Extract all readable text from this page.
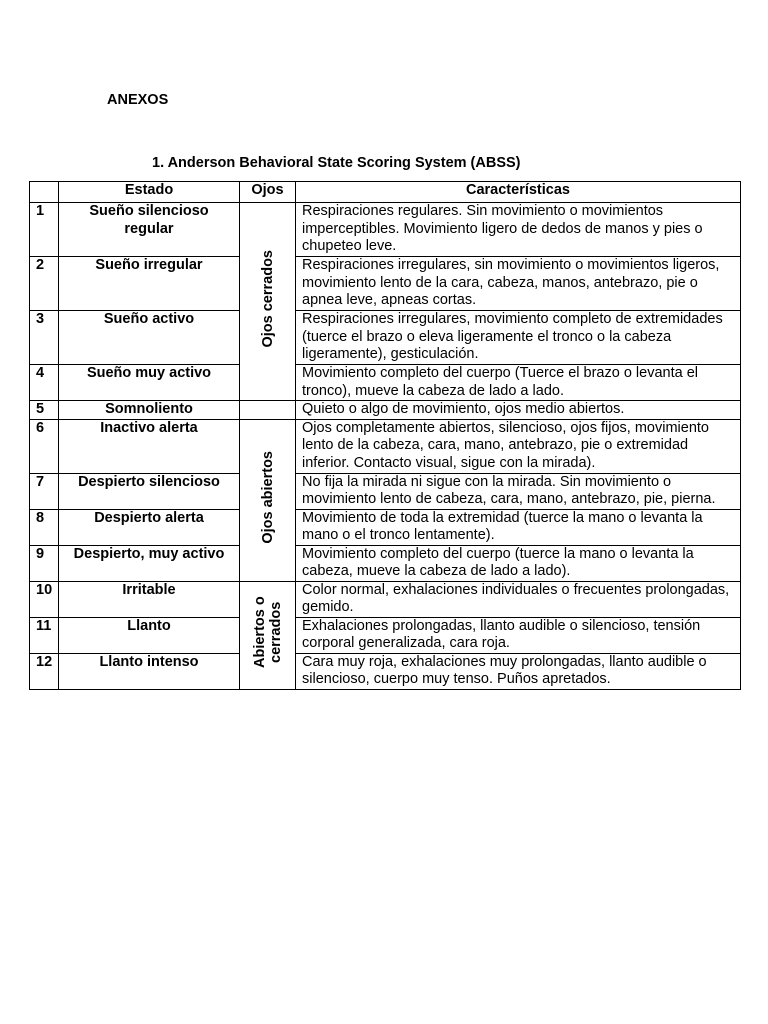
ANEXOS
1. Anderson Behavioral State Scoring System (ABSS)
	Estado	Ojos	Características
1	Sueño silencioso regular	Ojos cerrados	Respiraciones regulares. Sin movimiento o movimientos imperceptibles. Movimiento ligero de dedos de manos y pies o chupeteo leve.
2	Sueño irregular		Respiraciones irregulares, sin movimiento o movimientos ligeros, movimiento lento de la cara, cabeza, manos, antebrazo, pie o apnea leve, apneas cortas.
3	Sueño activo		Respiraciones irregulares, movimiento completo de extremidades (tuerce el brazo o eleva ligeramente el tronco o la cabeza ligeramente), gesticulación.
4	Sueño muy activo		Movimiento completo del cuerpo (Tuerce el brazo o levanta el tronco), mueve la cabeza de lado a lado.
5	Somnoliento		Quieto o algo de movimiento, ojos medio abiertos.
6	Inactivo alerta	Ojos abiertos	Ojos completamente abiertos, silencioso, ojos fijos, movimiento lento de la cabeza, cara, mano, antebrazo, pie o extremidad inferior. Contacto visual, sigue con la mirada).
7	Despierto silencioso		No fija la mirada ni sigue con la mirada. Sin movimiento o movimiento lento de cabeza, cara, mano, antebrazo, pie, pierna.
8	Despierto alerta		Movimiento de toda la extremidad (tuerce la mano o levanta la mano o el tronco lentamente).
9	Despierto, muy activo		Movimiento completo del cuerpo (tuerce la mano o levanta la cabeza, mueve la cabeza de lado a lado).
10	Irritable	Abiertos o cerrados	Color normal, exhalaciones individuales o frecuentes prolongadas, gemido.
11	Llanto		Exhalaciones prolongadas, llanto audible o silencioso, tensión corporal generalizada, cara roja.
12	Llanto intenso		Cara muy roja, exhalaciones muy prolongadas, llanto audible o silencioso, cuerpo muy tenso. Puños apretados.
